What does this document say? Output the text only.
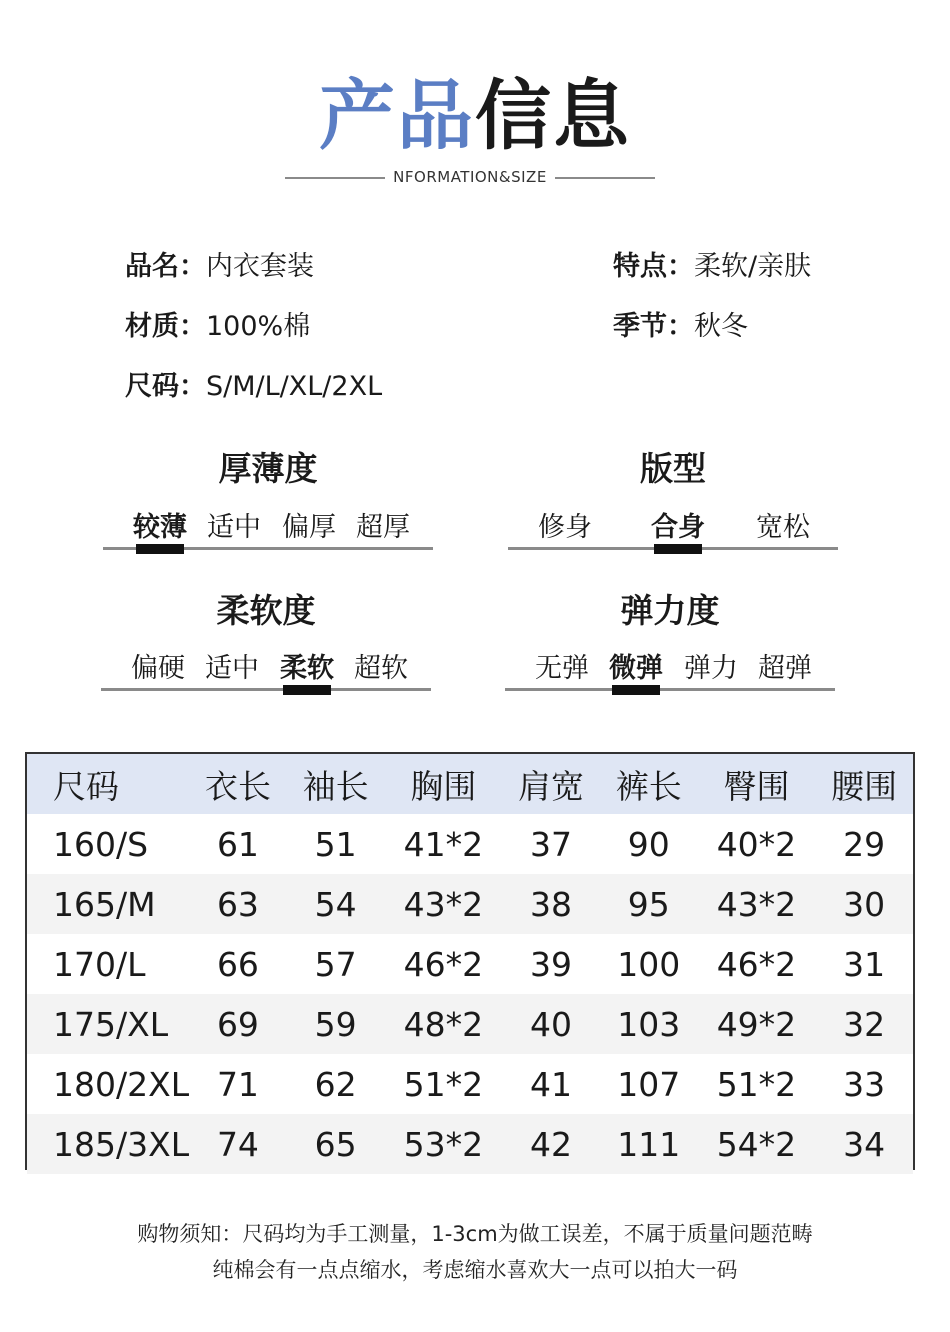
产品信息
NFORMATION&SIZE
品名：内衣套装	特点：柔软/亲肤
材质：100%棉	季节：秋冬
尺码：S/M/L/XL/2XL
厚薄度
较薄 适中 偏厚 超厚
版型
修身	合身	宽松
柔软度
偏硬 适中 柔软 超软
弹力度
无弹 微弹 弹力 超弹
尺码	衣长	袖长	胸围	肩宽	裤长	臀围	腰围
160/S	61	51	41*2	37	90	40*2	29
165/M	63	54	43*2	38	95	43*2	30
170/L	66	57	46*2	39	100	46*2	31
175/XL	69	59	48*2	40	103	49*2	32
180/2XL	71	62	51*2	41	107	51*2	33
185/3XL	74	65	53*2	42	111	54*2	34
购物须知：尺码均为手工测量，1-3cm为做工误差，不属于质量问题范畴
纯棉会有一点点缩水，考虑缩水喜欢大一点可以拍大一码
